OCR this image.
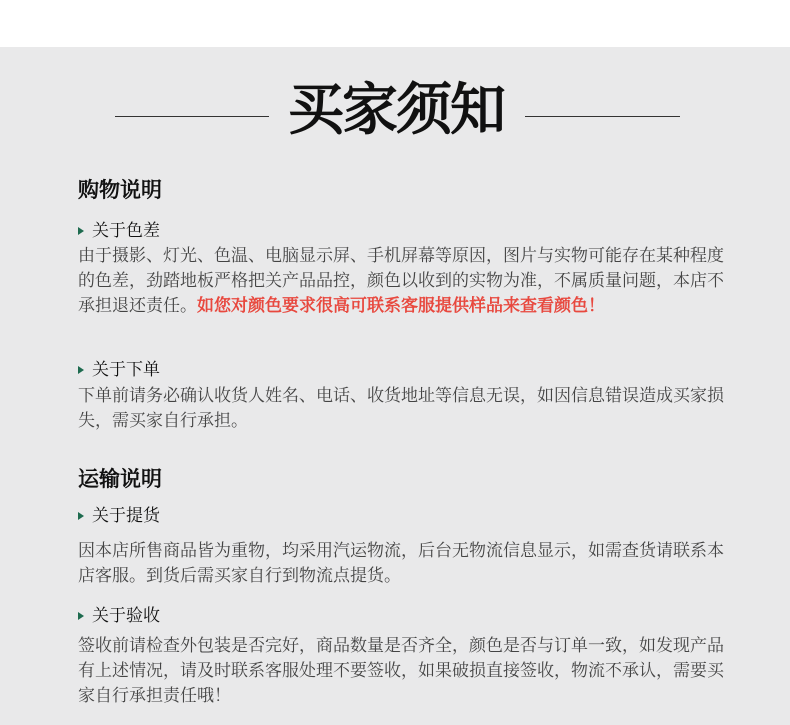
买家须知
购物说明
关于色差

由于摄影、灯光、色温、电脑显示屏、手机屏幕等原因，图片与实物可能存在某种程度的色差，劲踏地板严格把关产品品控，颜色以收到的实物为准，不属质量问题，本店不承担退还责任。如您对颜色要求很高可联系客服提供样品来查看颜色！

关于下单

下单前请务必确认收货人姓名、电话、收货地址等信息无误，如因信息错误造成买家损失，需买家自行承担。

运输说明
关于提货

因本店所售商品皆为重物，均采用汽运物流，后台无物流信息显示，如需查货请联系本店客服。到货后需买家自行到物流点提货。

关于验收

签收前请检查外包装是否完好，商品数量是否齐全，颜色是否与订单一致，如发现产品有上述情况，请及时联系客服处理不要签收，如果破损直接签收，物流不承认，需要买家自行承担责任哦！
